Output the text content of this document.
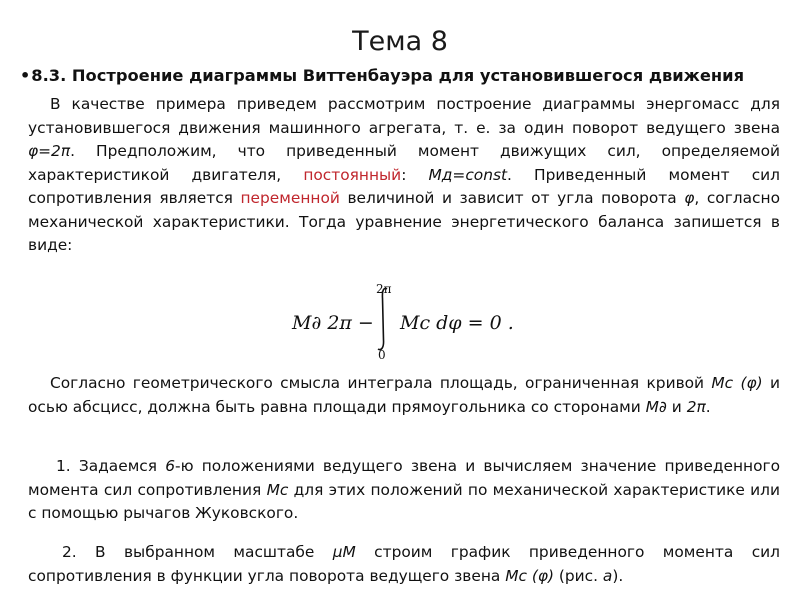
Тема 8
•8.3. Построение диаграммы Виттенбауэра для установившегося движения
В качестве примера приведем рассмотрим построение диаграммы энергомасс для установившегося движения машинного агрегата, т. е. за один поворот ведущего звена φ=2π. Предположим, что приведенный момент движущих сил, определяемой характеристикой двигателя, постоянный: Mд=const. Приведенный момент сил сопротивления является переменной величиной и зависит от угла поворота φ, согласно механической характеристики. Тогда уравнение энергетического баланса запишется в виде:
M∂ 2π −
2π
0
Mc dφ = 0 .
Согласно геометрического смысла интеграла площадь, ограниченная кривой Mc (φ) и осью абсцисс, должна быть равна площади прямоугольника со сторонами M∂ и 2π.
1. Задаемся 6-ю положениями ведущего звена и вычисляем значение приведенного момента сил сопротивления Mc для этих положений по механической характеристике или с помощью рычагов Жуковского.
2. В выбранном масштабе μM строим график приведенного момента сил сопротивления в функции угла поворота ведущего звена Mc (φ) (рис. а).
